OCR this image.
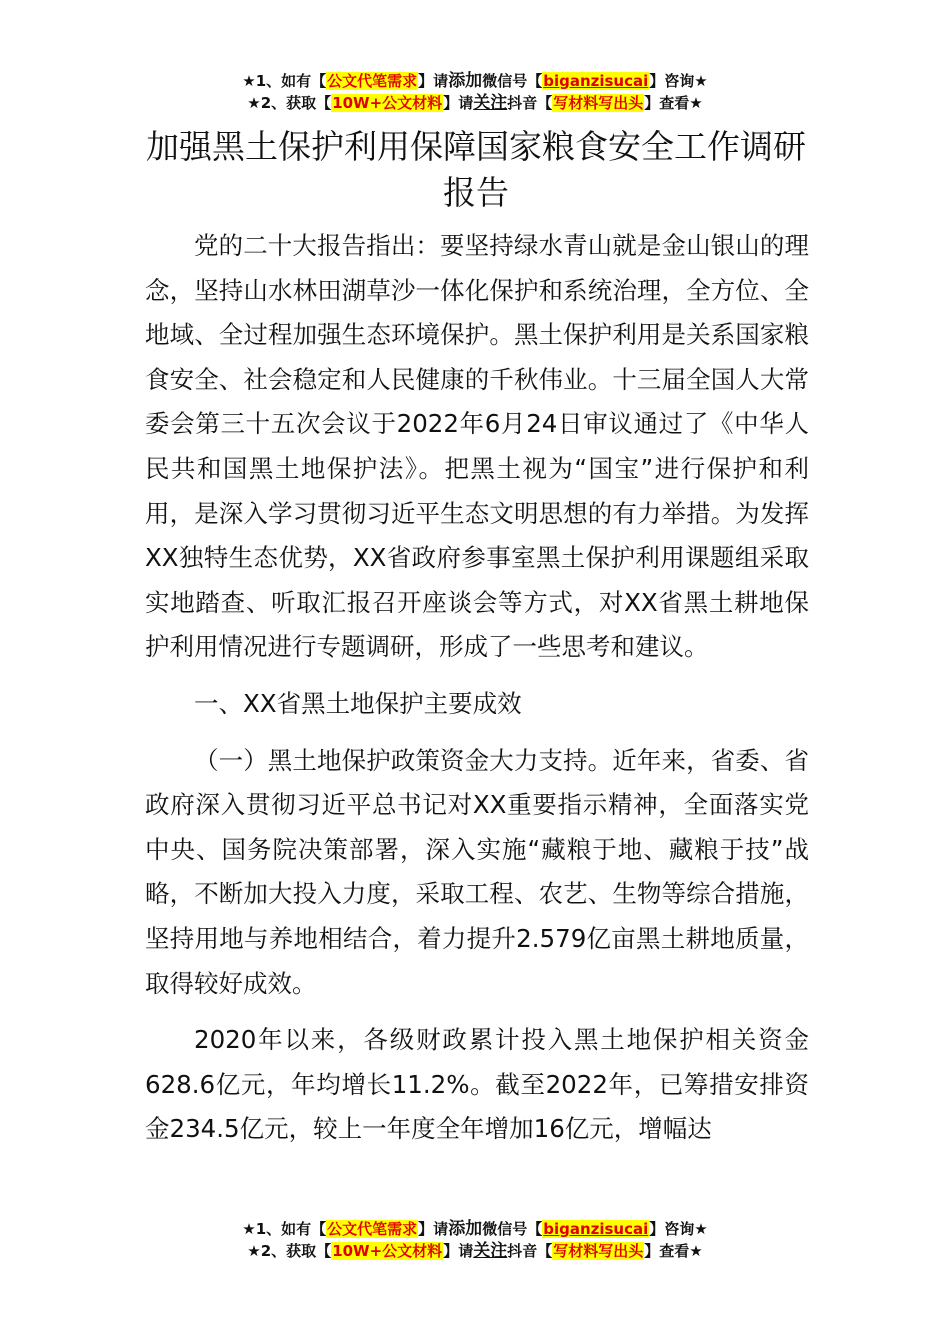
★1、如有【公文代笔需求】请添加微信号【biganzisucai】咨询★
★2、获取【10W+公文材料】请关注抖音【写材料写出头】查看★
加强黑土保护利用保障国家粮食安全工作调研报告

党的二十大报告指出：要坚持绿水青山就是金山银山的理念，坚持山水林田湖草沙一体化保护和系统治理，全方位、全地域、全过程加强生态环境保护。黑土保护利用是关系国家粮食安全、社会稳定和人民健康的千秋伟业。十三届全国人大常委会第三十五次会议于2022年6月24日审议通过了《中华人民共和国黑土地保护法》。把黑土视为“国宝”进行保护和利用，是深入学习贯彻习近平生态文明思想的有力举措。为发挥XX独特生态优势，XX省政府参事室黑土保护利用课题组采取实地踏查、听取汇报召开座谈会等方式，对XX省黑土耕地保护利用情况进行专题调研，形成了一些思考和建议。

一、XX省黑土地保护主要成效

（一）黑土地保护政策资金大力支持。近年来，省委、省政府深入贯彻习近平总书记对XX重要指示精神，全面落实党中央、国务院决策部署，深入实施“藏粮于地、藏粮于技”战略，不断加大投入力度，采取工程、农艺、生物等综合措施，坚持用地与养地相结合，着力提升2.579亿亩黑土耕地质量，取得较好成效。

2020年以来，各级财政累计投入黑土地保护相关资金628.6亿元，年均增长11.2%。截至2022年，已筹措安排资金234.5亿元，较上一年度全年增加16亿元，增幅达

★1、如有【公文代笔需求】请添加微信号【biganzisucai】咨询★
★2、获取【10W+公文材料】请关注抖音【写材料写出头】查看★
